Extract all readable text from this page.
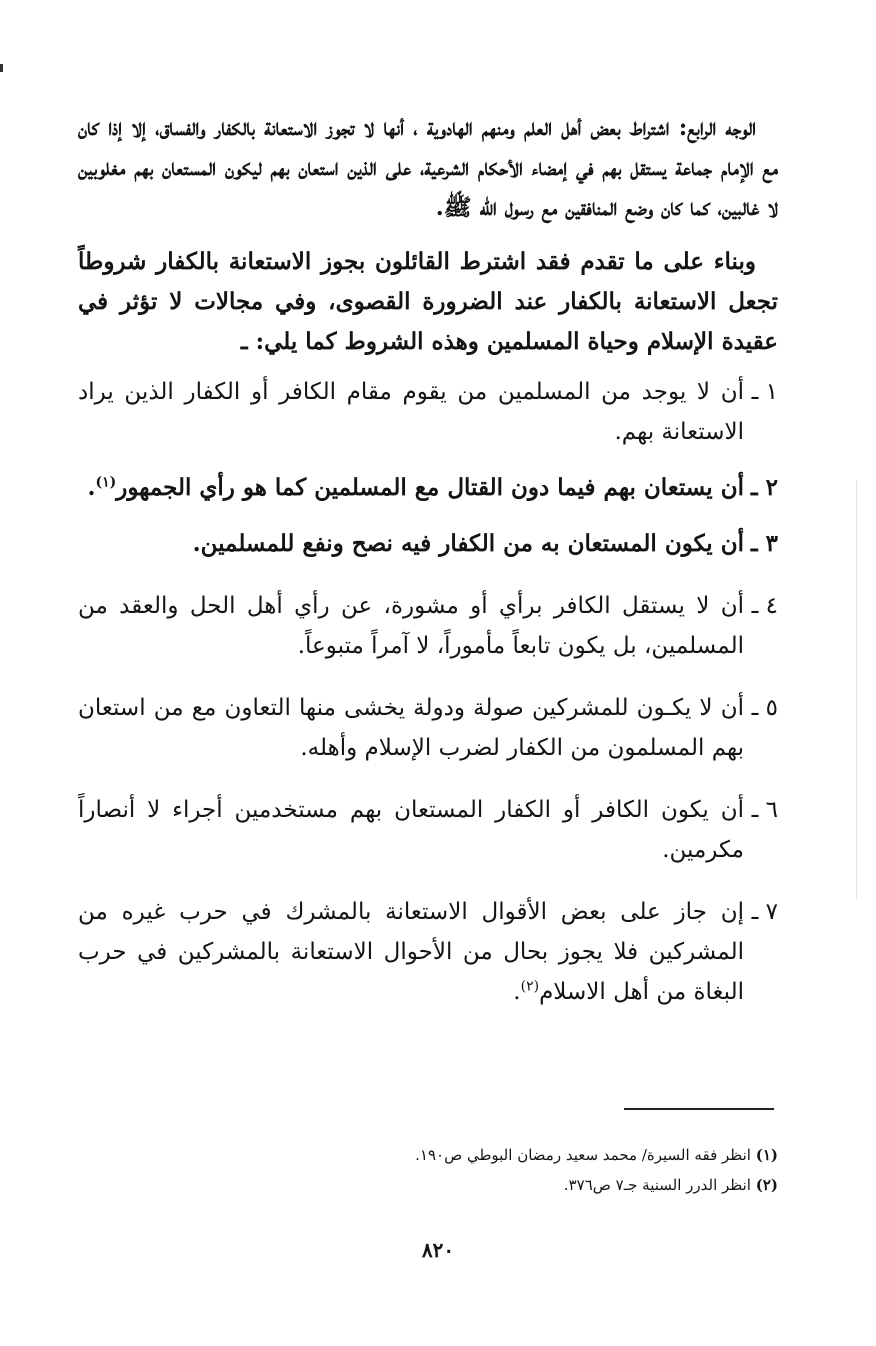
الوجه الرابع: اشتراط بعض أهل العلم ومنهم الهادوية ، أنها لا تجوز الاستعانة بالكفار والفساق، إلا إذا كان مع الإمام جماعة يستقل بهم في إمضاء الأحكام الشرعية، على الذين استعان بهم ليكون المستعان بهم مغلوبين لا غالبين، كما كان وضع المنافقين مع رسول الله ﷺ.

وبناء على ما تقدم فقد اشترط القائلون بجوز الاستعانة بالكفار شروطاً تجعل الاستعانة بالكفار عند الضرورة القصوى، وفي مجالات لا تؤثر في عقيدة الإسلام وحياة المسلمين وهذه الشروط كما يلي: ـ

١ ـ
أن لا يوجد من المسلمين من يقوم مقام الكافر أو الكفار الذين يراد الاستعانة بهم.
٢ ـ
أن يستعان بهم فيما دون القتال مع المسلمين كما هو رأي الجمهور$^{(١)}$.
٣ ـ
أن يكون المستعان به من الكفار فيه نصح ونفع للمسلمين.
٤ ـ
أن لا يستقل الكافر برأي أو مشورة، عن رأي أهل الحل والعقد من المسلمين، بل يكون تابعاً مأموراً، لا آمراً متبوعاً.
٥ ـ
أن لا يكـون للمشركين صولة ودولة يخشى منها التعاون مع من استعان بهم المسلمون من الكفار لضرب الإسلام وأهله.
٦ ـ
أن يكون الكافر أو الكفار المستعان بهم مستخدمين أجراء لا أنصاراً مكرمين.
٧ ـ
إن جاز على بعض الأقوال الاستعانة بالمشرك في حرب غيره من المشركين فلا يجوز بحال من الأحوال الاستعانة بالمشركين في حرب البغاة من أهل الاسلام$^{(٢)}$.
(١) انظر فقه السيرة/ محمد سعيد رمضان البوطي ص١٩٠.
(٢) انظر الدرر السنية جـ٧ ص٣٧٦.
٨٢٠
